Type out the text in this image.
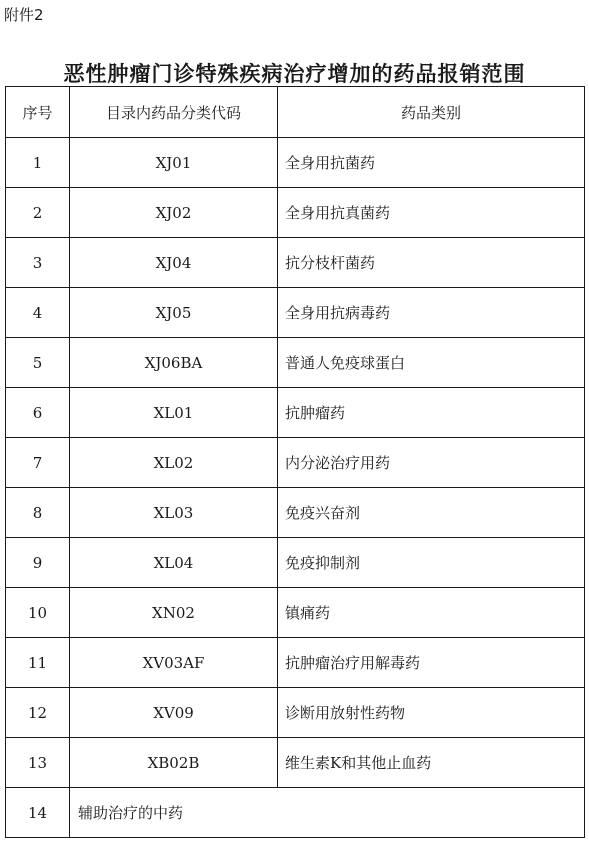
附件2
恶性肿瘤门诊特殊疾病治疗增加的药品报销范围
序号	目录内药品分类代码	药品类别
1	XJ01	全身用抗菌药
2	XJ02	全身用抗真菌药
3	XJ04	抗分枝杆菌药
4	XJ05	全身用抗病毒药
5	XJ06BA	普通人免疫球蛋白
6	XL01	抗肿瘤药
7	XL02	内分泌治疗用药
8	XL03	免疫兴奋剂
9	XL04	免疫抑制剂
10	XN02	镇痛药
11	XV03AF	抗肿瘤治疗用解毒药
12	XV09	诊断用放射性药物
13	XB02B	维生素K和其他止血药
14	辅助治疗的中药	
